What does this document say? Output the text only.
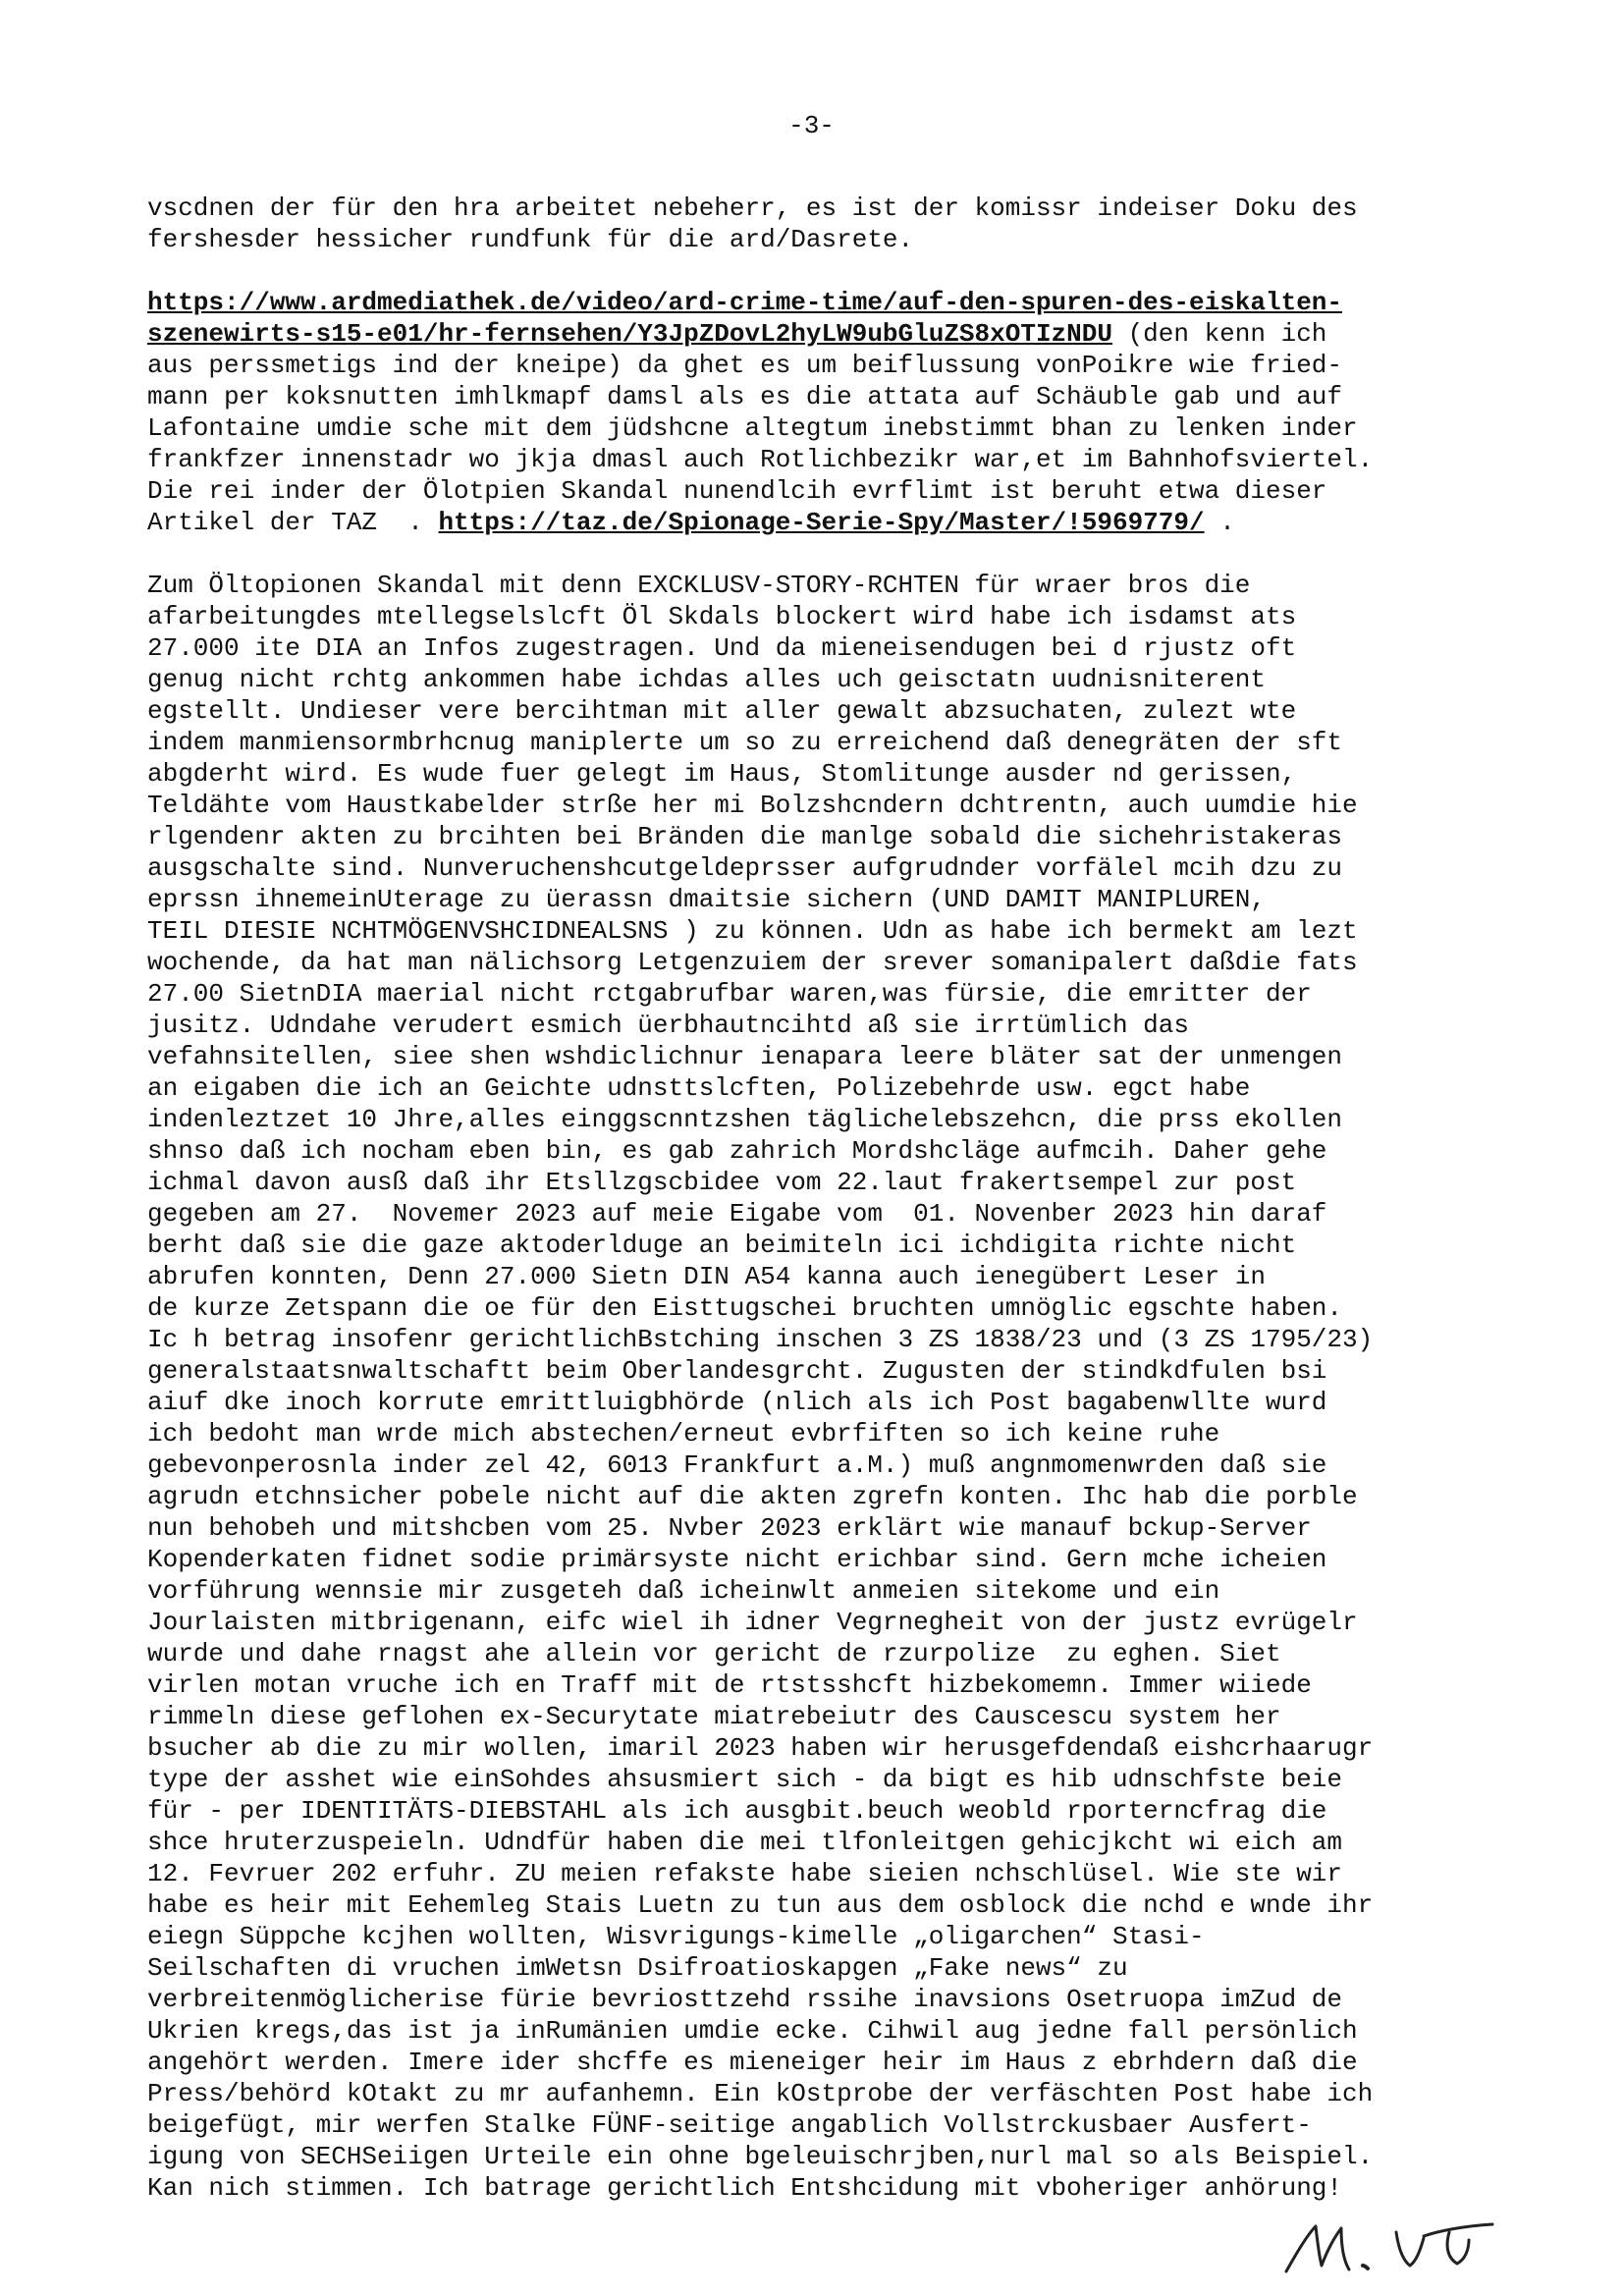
-3-
vscdnen der für den hra arbeitet nebeherr, es ist der komissr indeiser Doku des
fershesder hessicher rundfunk für die ard/Dasrete.
https://www.ardmediathek.de/video/ard-crime-time/auf-den-spuren-des-eiskalten-
szenewirts-s15-e01/hr-fernsehen/Y3JpZDovL2hyLW9ubGluZS8xOTIzNDU (den kenn ich
aus perssmetigs ind der kneipe) da ghet es um beiflussung vonPoikre wie fried-
mann per koksnutten imhlkmapf damsl als es die attata auf Schäuble gab und auf
Lafontaine umdie sche mit dem jüdshcne altegtum inebstimmt bhan zu lenken inder
frankfzer innenstadr wo jkja dmasl auch Rotlichbezikr war,et im Bahnhofsviertel.
Die rei inder der Ölotpien Skandal nunendlcih evrflimt ist beruht etwa dieser
Artikel der TAZ  . https://taz.de/Spionage-Serie-Spy/Master/!5969779/ .
Zum Öltopionen Skandal mit denn EXCKLUSV-STORY-RCHTEN für wraer bros die
afarbeitungdes mtellegselslcft Öl Skdals blockert wird habe ich isdamst ats
27.000 ite DIA an Infos zugestragen. Und da mieneisendugen bei d rjustz oft
genug nicht rchtg ankommen habe ichdas alles uch geisctatn uudnisniterent
egstellt. Undieser vere bercihtman mit aller gewalt abzsuchaten, zulezt wte
indem manmiensormbrhcnug maniplerte um so zu erreichend daß denegräten der sft
abgderht wird. Es wude fuer gelegt im Haus, Stomlitunge ausder nd gerissen,
Teldähte vom Haustkabelder strße her mi Bolzshcndern dchtrentn, auch uumdie hie
rlgendenr akten zu brcihten bei Bränden die manlge sobald die sichehristakeras
ausgschalte sind. Nunveruchenshcutgeldeprsser aufgrudnder vorfälel mcih dzu zu
eprssn ihnemeinUterage zu üerassn dmaitsie sichern (UND DAMIT MANIPLUREN,
TEIL DIESIE NCHTMÖGENVSHCIDNEALSNS ) zu können. Udn as habe ich bermekt am lezt
wochende, da hat man nälichsorg Letgenzuiem der srever somanipalert daßdie fats
27.00 SietnDIA maerial nicht rctgabrufbar waren,was fürsie, die emritter der
jusitz. Udndahe verudert esmich üerbhautncihtd aß sie irrtümlich das
vefahnsitellen, siee shen wshdiclichnur ienapara leere bläter sat der unmengen
an eigaben die ich an Geichte udnsttslcften, Polizebehrde usw. egct habe
indenleztzet 10 Jhre,alles einggscnntzshen täglichelebszehcn, die prss ekollen
shnso daß ich nocham eben bin, es gab zahrich Mordshcläge aufmcih. Daher gehe
ichmal davon ausß daß ihr Etsllzgscbidee vom 22.laut frakertsempel zur post
gegeben am 27.  Novemer 2023 auf meie Eigabe vom  01. Novenber 2023 hin daraf
berht daß sie die gaze aktoderlduge an beimiteln ici ichdigita richte nicht
abrufen konnten, Denn 27.000 Sietn DIN A54 kanna auch ienegübert Leser in
de kurze Zetspann die oe für den Eisttugschei bruchten umnöglic egschte haben.
Ic h betrag insofenr gerichtlichBstching inschen 3 ZS 1838/23 und (3 ZS 1795/23)
generalstaatsnwaltschaftt beim Oberlandesgrcht. Zugusten der stindkdfulen bsi
aiuf dke inoch korrute emrittluigbhörde (nlich als ich Post bagabenwllte wurd
ich bedoht man wrde mich abstechen/erneut evbrfiften so ich keine ruhe
gebevonperosnla inder zel 42, 6013 Frankfurt a.M.) muß angnmomenwrden daß sie
agrudn etchnsicher pobele nicht auf die akten zgrefn konten. Ihc hab die porble
nun behobeh und mitshcben vom 25. Nvber 2023 erklärt wie manauf bckup-Server
Kopenderkaten fidnet sodie primärsyste nicht erichbar sind. Gern mche icheien
vorführung wennsie mir zusgeteh daß icheinwlt anmeien sitekome und ein
Jourlaisten mitbrigenann, eifc wiel ih idner Vegrnegheit von der justz evrügelr
wurde und dahe rnagst ahe allein vor gericht de rzurpolize  zu eghen. Siet
virlen motan vruche ich en Traff mit de rtstsshcft hizbekomemn. Immer wiiede
rimmeln diese geflohen ex-Securytate miatrebeiutr des Causcescu system her
bsucher ab die zu mir wollen, imaril 2023 haben wir herusgefdendaß eishcrhaarugr
type der asshet wie einSohdes ahsusmiert sich - da bigt es hib udnschfste beie
für - per IDENTITÄTS-DIEBSTAHL als ich ausgbit.beuch weobld rporterncfrag die
shce hruterzuspeieln. Udndfür haben die mei tlfonleitgen gehicjkcht wi eich am
12. Fevruer 202 erfuhr. ZU meien refakste habe sieien nchschlüsel. Wie ste wir
habe es heir mit Eehemleg Stais Luetn zu tun aus dem osblock die nchd e wnde ihr
eiegn Süppche kcjhen wollten, Wisvrigungs-kimelle „oligarchen“ Stasi-
Seilschaften di vruchen imWetsn Dsifroatioskapgen „Fake news“ zu
verbreitenmöglicherise fürie bevriosttzehd rssihe inavsions Osetruopa imZud de
Ukrien kregs,das ist ja inRumänien umdie ecke. Cihwil aug jedne fall persönlich
angehört werden. Imere ider shcffe es mieneiger heir im Haus z ebrhdern daß die
Press/behörd kOtakt zu mr aufanhemn. Ein kOstprobe der verfäschten Post habe ich
beigefügt, mir werfen Stalke FÜNF-seitige angablich Vollstrckusbaer Ausfert-
igung von SECHSeiigen Urteile ein ohne bgeleuischrjben,nurl mal so als Beispiel.
Kan nich stimmen. Ich batrage gerichtlich Entshcidung mit vboheriger anhörung!
